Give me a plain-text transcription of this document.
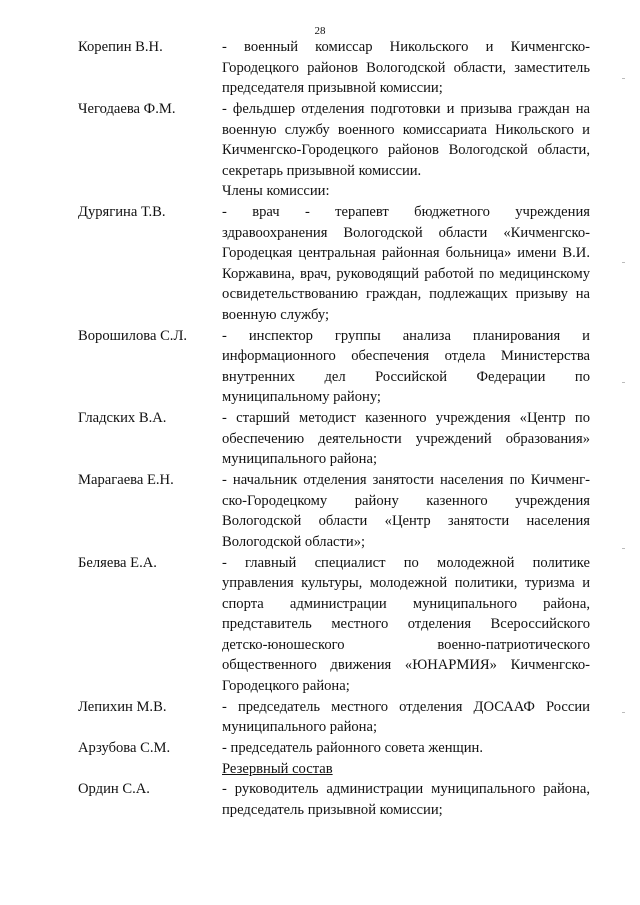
28
Корепин В.Н.	- военный комиссар Никольского и Кичменгско-Городецкого районов Вологодской области, заместитель председателя призывной комиссии;
Чегодаева Ф.М.	- фельдшер отделения подготовки и призыва граждан на военную службу военного комиссариата Никольского и Кичменгско-Городецкого районов Вологодской области, секретарь призывной комиссии.
Члены комиссии:
Дурягина Т.В.	- врач - терапевт бюджетного учреждения здравоохранения Вологодской области «Кичменгско-Городецкая центральная районная больница» имени В.И. Коржавина, врач, руководящий работой по медицинскому освидетельствованию граждан, подлежащих призыву на военную службу;
Ворошилова С.Л.	- инспектор группы анализа планирования и информационного обеспечения отдела Министерства внутренних дел Российской Федерации по муниципальному району;
Гладских В.А.	- старший методист казенного учреждения «Центр по обеспечению деятельности учреждений образования» муниципального района;
Марагаева Е.Н.	- начальник отделения занятости населения по Кичменг-ско-Городецкому району казенного учреждения Вологодской области «Центр занятости населения Вологодской области»;
Беляева Е.А.	- главный специалист по молодежной политике управления культуры, молодежной политики, туризма и спорта администрации муниципального района, представитель местного отделения Всероссийского детско-юношеского военно-патриотического общественного движения «ЮНАРМИЯ» Кичменгско-Городецкого района;
Лепихин М.В.	- председатель местного отделения ДОСААФ России муниципального района;
Арзубова С.М.	- председатель районного совета женщин.
Резервный состав
Ордин С.А.	- руководитель администрации муниципального района, председатель призывной комиссии;
